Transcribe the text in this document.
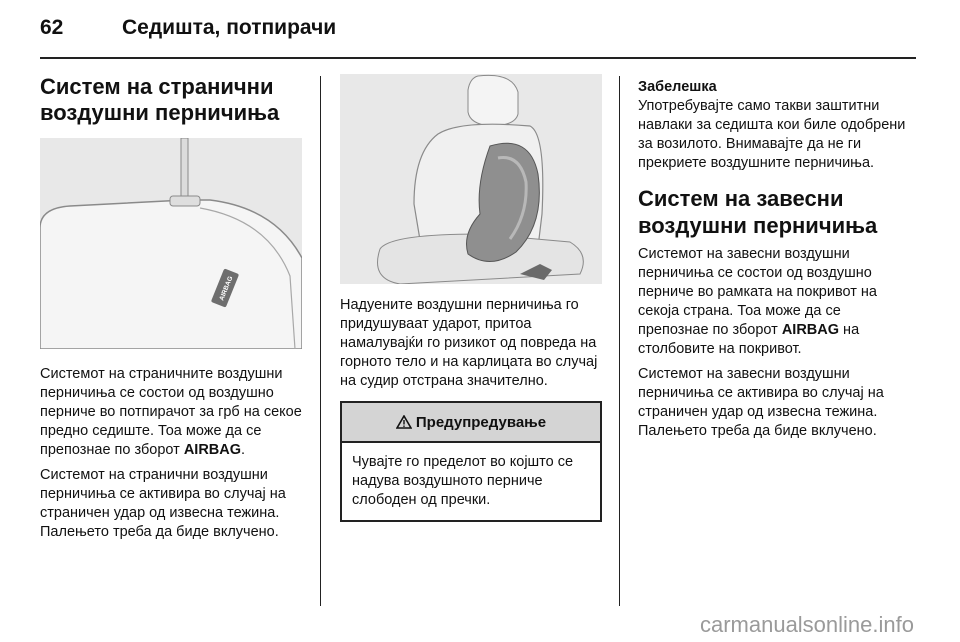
62	Седишта, потпирачи
Систем на странични воздушни перничиња
AIRBAG

Системот на страничните воздушни перничиња се состои од воздушно перниче во потпирачот за грб на секое предно седиште. Тоа може да се препознае по зборот AIRBAG.

Системот на странични воздушни перничиња се активира во случај на страничен удар од извесна тежина. Палењето треба да биде вклучено.

Надуените воздушни перничиња го придушуваат ударот, притоа намалувајќи го ризикот од повреда на горното тело и на карлицата во случај на судир отстрана значително.

Предупредување

Чувајте го пределот во којшто се надува воздушното перниче слободен од пречки.

Забелешка

Употребувајте само такви заштитни навлаки за седишта кои биле одобрени за возилото. Внимавајте да не ги прекриете воздушните перничиња.

Систем на завесни воздушни перничиња

Системот на завесни воздушни перничиња се состои од воздушно перниче во рамката на покривот на секоја страна. Тоа може да се препознае по зборот AIRBAG на столбовите на покривот.

Системот на завесни воздушни перничиња се активира во случај на страничен удар од извесна тежина. Палењето треба да биде вклучено.

carmanualsonline.info
